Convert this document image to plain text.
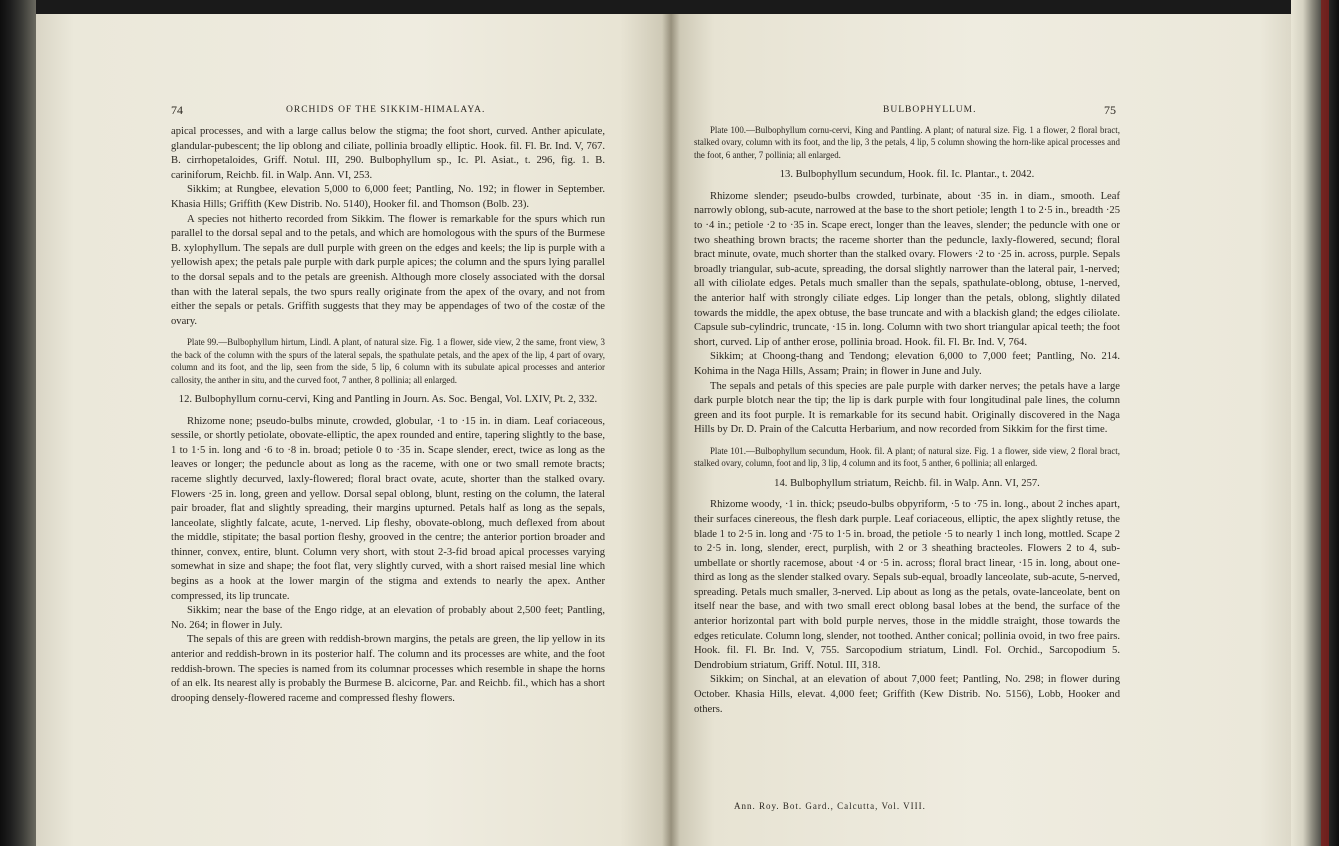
74	ORCHIDS OF THE SIKKIM-HIMALAYA.

apical processes, and with a large callus below the stigma; the foot short, curved. Anther apiculate, glandular-pubescent; the lip oblong and ciliate, pollinia broadly elliptic. Hook. fil. Fl. Br. Ind. V, 767. B. cirrhopetaloides, Griff. Notul. III, 290. Bulbophyllum sp., Ic. Pl. Asiat., t. 296, fig. 1. B. cariniforum, Reichb. fil. in Walp. Ann. VI, 253.

Sikkim; at Rungbee, elevation 5,000 to 6,000 feet; Pantling, No. 192; in flower in September. Khasia Hills; Griffith (Kew Distrib. No. 5140), Hooker fil. and Thomson (Bolb. 23).

A species not hitherto recorded from Sikkim. The flower is remarkable for the spurs which run parallel to the dorsal sepal and to the petals, and which are homologous with the spurs of the Burmese B. xylophyllum. The sepals are dull purple with green on the edges and keels; the lip is purple with a yellowish apex; the petals pale purple with dark purple apices; the column and the spurs lying parallel to the dorsal sepals and to the petals are greenish. Although more closely associated with the dorsal than with the lateral sepals, the two spurs really originate from the apex of the ovary, and not from either the sepals or petals. Griffith suggests that they may be appendages of two of the costæ of the ovary.

Plate 99.—Bulbophyllum hirtum, Lindl. A plant, of natural size. Fig. 1 a flower, side view, 2 the same, front view, 3 the back of the column with the spurs of the lateral sepals, the spathulate petals, and the apex of the lip, 4 part of ovary, column and its foot, and the lip, seen from the side, 5 lip, 6 column with its subulate apical processes and anterior callosity, the anther in situ, and the curved foot, 7 anther, 8 pollinia; all enlarged.

12. Bulbophyllum cornu-cervi, King and Pantling in Journ. As. Soc. Bengal, Vol. LXIV, Pt. 2, 332.

Rhizome none; pseudo-bulbs minute, crowded, globular, ·1 to ·15 in. in diam. Leaf coriaceous, sessile, or shortly petiolate, obovate-elliptic, the apex rounded and entire, tapering slightly to the base, 1 to 1·5 in. long and ·6 to ·8 in. broad; petiole 0 to ·35 in. Scape slender, erect, twice as long as the leaves or longer; the peduncle about as long as the raceme, with one or two small remote bracts; raceme slightly decurved, laxly-flowered; floral bract ovate, acute, shorter than the stalked ovary. Flowers ·25 in. long, green and yellow. Dorsal sepal oblong, blunt, resting on the column, the lateral pair broader, flat and slightly spreading, their margins upturned. Petals half as long as the sepals, lanceolate, slightly falcate, acute, 1-nerved. Lip fleshy, obovate-oblong, much deflexed from about the middle, stipitate; the basal portion fleshy, grooved in the centre; the anterior portion broader and thinner, convex, entire, blunt. Column very short, with stout 2-3-fid broad apical processes varying somewhat in size and shape; the foot flat, very slightly curved, with a short raised mesial line which begins as a hook at the lower margin of the stigma and extends to nearly the apex. Anther compressed, its lip truncate.

Sikkim; near the base of the Engo ridge, at an elevation of probably about 2,500 feet; Pantling, No. 264; in flower in July.

The sepals of this are green with reddish-brown margins, the petals are green, the lip yellow in its anterior and reddish-brown in its posterior half. The column and its processes are white, and the foot reddish-brown. The species is named from its columnar processes which resemble in shape the horns of an elk. Its nearest ally is probably the Burmese B. alcicorne, Par. and Reichb. fil., which has a short drooping densely-flowered raceme and compressed fleshy flowers.

BULBOPHYLLUM.	75

Plate 100.—Bulbophyllum cornu-cervi, King and Pantling. A plant; of natural size. Fig. 1 a flower, 2 floral bract, stalked ovary, column with its foot, and the lip, 3 the petals, 4 lip, 5 column showing the horn-like apical processes and the foot, 6 anther, 7 pollinia; all enlarged.

13. Bulbophyllum secundum, Hook. fil. Ic. Plantar., t. 2042.

Rhizome slender; pseudo-bulbs crowded, turbinate, about ·35 in. in diam., smooth. Leaf narrowly oblong, sub-acute, narrowed at the base to the short petiole; length 1 to 2·5 in., breadth ·25 to ·4 in.; petiole ·2 to ·35 in. Scape erect, longer than the leaves, slender; the peduncle with one or two sheathing brown bracts; the raceme shorter than the peduncle, laxly-flowered, secund; floral bract minute, ovate, much shorter than the stalked ovary. Flowers ·2 to ·25 in. across, purple. Sepals broadly triangular, sub-acute, spreading, the dorsal slightly narrower than the lateral pair, 1-nerved; all with ciliolate edges. Petals much smaller than the sepals, spathulate-oblong, obtuse, 1-nerved, the anterior half with strongly ciliate edges. Lip longer than the petals, oblong, slightly dilated towards the middle, the apex obtuse, the base truncate and with a blackish gland; the edges ciliolate. Capsule sub-cylindric, truncate, ·15 in. long. Column with two short triangular apical teeth; the foot short, curved. Lip of anther erose, pollinia broad. Hook. fil. Fl. Br. Ind. V, 764.

Sikkim; at Choong-thang and Tendong; elevation 6,000 to 7,000 feet; Pantling, No. 214. Kohima in the Naga Hills, Assam; Prain; in flower in June and July.

The sepals and petals of this species are pale purple with darker nerves; the petals have a large dark purple blotch near the tip; the lip is dark purple with four longitudinal pale lines, the column green and its foot purple. It is remarkable for its secund habit. Originally discovered in the Naga Hills by Dr. D. Prain of the Calcutta Herbarium, and now recorded from Sikkim for the first time.

Plate 101.—Bulbophyllum secundum, Hook. fil. A plant; of natural size. Fig. 1 a flower, side view, 2 floral bract, stalked ovary, column, foot and lip, 3 lip, 4 column and its foot, 5 anther, 6 pollinia; all enlarged.

14. Bulbophyllum striatum, Reichb. fil. in Walp. Ann. VI, 257.

Rhizome woody, ·1 in. thick; pseudo-bulbs obpyriform, ·5 to ·75 in. long., about 2 inches apart, their surfaces cinereous, the flesh dark purple. Leaf coriaceous, elliptic, the apex slightly retuse, the blade 1 to 2·5 in. long and ·75 to 1·5 in. broad, the petiole ·5 to nearly 1 inch long, mottled. Scape 2 to 2·5 in. long, slender, erect, purplish, with 2 or 3 sheathing bracteoles. Flowers 2 to 4, sub-umbellate or shortly racemose, about ·4 or ·5 in. across; floral bract linear, ·15 in. long, about one-third as long as the slender stalked ovary. Sepals sub-equal, broadly lanceolate, sub-acute, 5-nerved, spreading. Petals much smaller, 3-nerved. Lip about as long as the petals, ovate-lanceolate, bent on itself near the base, and with two small erect oblong basal lobes at the bend, the surface of the anterior horizontal part with bold purple nerves, those in the middle straight, those towards the edges reticulate. Column long, slender, not toothed. Anther conical; pollinia ovoid, in two free pairs. Hook. fil. Fl. Br. Ind. V, 755. Sarcopodium striatum, Lindl. Fol. Orchid., Sarcopodium 5. Dendrobium striatum, Griff. Notul. III, 318.

Sikkim; on Sinchal, at an elevation of about 7,000 feet; Pantling, No. 298; in flower during October. Khasia Hills, elevat. 4,000 feet; Griffith (Kew Distrib. No. 5156), Lobb, Hooker and others.

Ann. Roy. Bot. Gard., Calcutta, Vol. VIII.
